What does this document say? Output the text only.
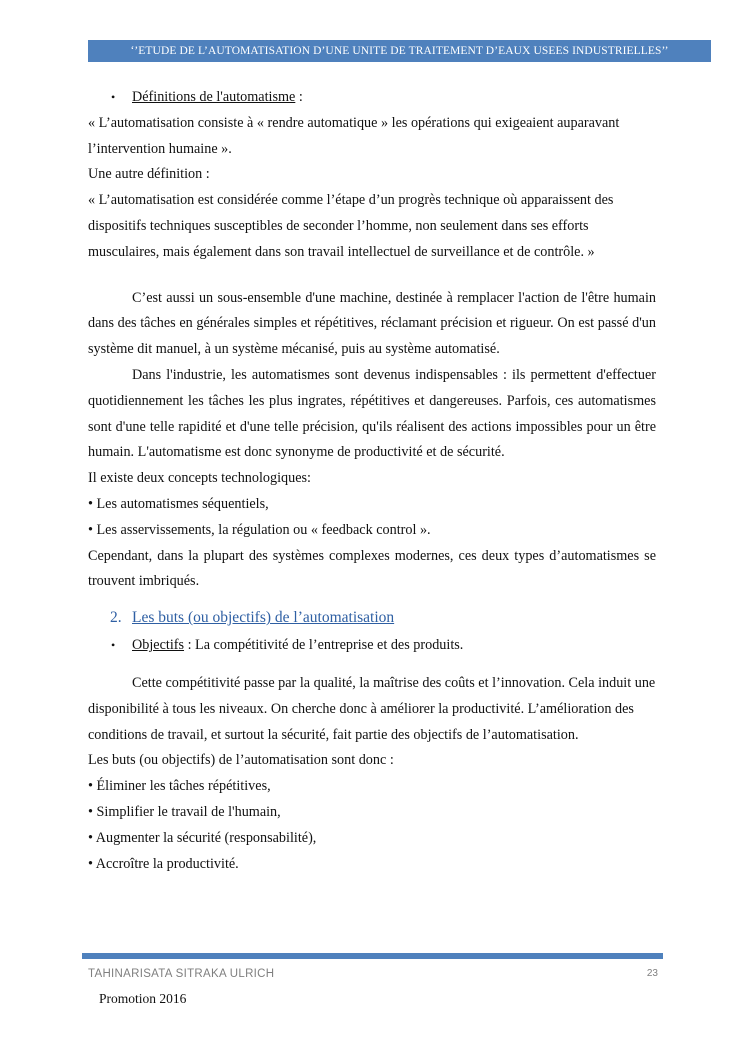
‘’ETUDE DE L’AUTOMATISATION D’UNE UNITE DE TRAITEMENT D’EAUX USEES INDUSTRIELLES’’

• Définitions de l'automatisme :

« L’automatisation consiste à « rendre automatique » les opérations qui exigeaient auparavant l’intervention humaine ».

Une autre définition :

« L’automatisation est considérée comme l’étape d’un progrès technique où apparaissent des dispositifs techniques susceptibles de seconder l’homme, non seulement dans ses efforts musculaires, mais également dans son travail intellectuel de surveillance et de contrôle. »

C’est aussi un sous-ensemble d'une machine, destinée à remplacer l'action de l'être humain dans des tâches en générales simples et répétitives, réclamant précision et rigueur. On est passé d'un système dit manuel, à un système mécanisé, puis au système automatisé.

Dans l'industrie, les automatismes sont devenus indispensables : ils permettent d'effectuer quotidiennement les tâches les plus ingrates, répétitives et dangereuses. Parfois, ces automatismes sont d'une telle rapidité et d'une telle précision, qu'ils réalisent des actions impossibles pour un être humain. L'automatisme est donc synonyme de productivité et de sécurité.

Il existe deux concepts technologiques:

• Les automatismes séquentiels,

• Les asservissements, la régulation ou « feedback control ».

Cependant, dans la plupart des systèmes complexes modernes, ces deux types d’automatismes se trouvent imbriqués.

2. Les buts (ou objectifs) de l’automatisation

• Objectifs : La compétitivité de l’entreprise et des produits.

Cette compétitivité passe par la qualité, la maîtrise des coûts et l’innovation. Cela induit une disponibilité à tous les niveaux. On cherche donc à améliorer la productivité. L’amélioration des conditions de travail, et surtout la sécurité, fait partie des objectifs de l’automatisation.

Les buts (ou objectifs) de l’automatisation sont donc :

• Éliminer les tâches répétitives,

• Simplifier le travail de l'humain,

• Augmenter la sécurité (responsabilité),

• Accroître la productivité.

TAHINARISATA SITRAKA ULRICH	23
Promotion 2016
